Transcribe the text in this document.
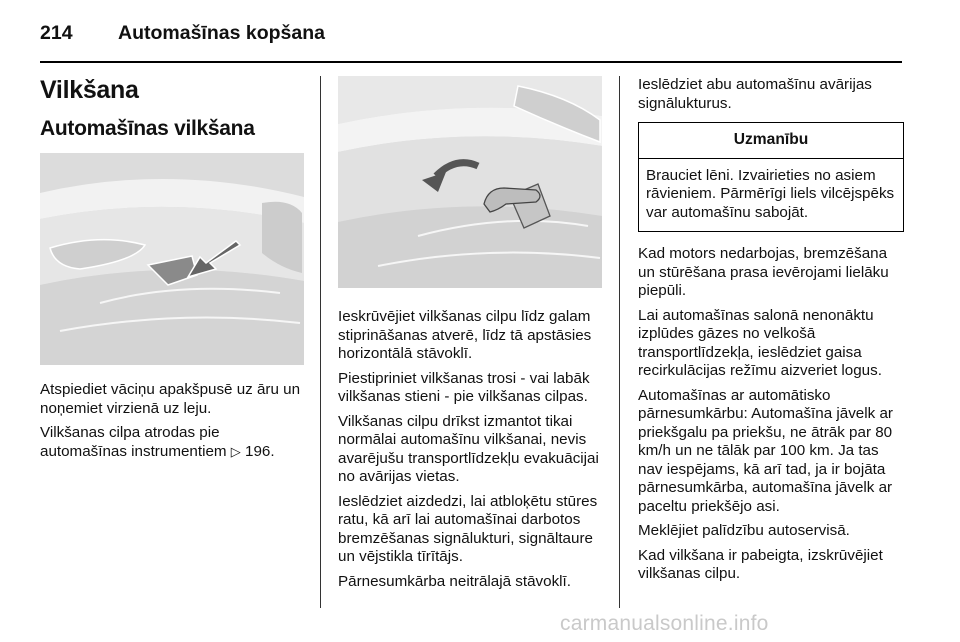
214 Automašīnas kopšana
Vilkšana
Automašīnas vilkšana

Atspiediet vāciņu apakšpusē uz āru un noņemiet virzienā uz leju.

Vilkšanas cilpa atrodas pie automašīnas instrumentiem ▷ 196.

Ieskrūvējiet vilkšanas cilpu līdz galam stiprināšanas atverē, līdz tā apstāsies horizontālā stāvoklī.

Piestipriniet vilkšanas trosi - vai labāk vilkšanas stieni - pie vilkšanas cilpas.

Vilkšanas cilpu drīkst izmantot tikai normālai automašīnu vilkšanai, nevis avarējušu transportlīdzekļu evakuācijai no avārijas vietas.

Ieslēdziet aizdedzi, lai atbloķētu stūres ratu, kā arī lai automašīnai darbotos bremzēšanas signālukturi, signāltaure un vējstikla tīrītājs.

Pārnesumkārba neitrālajā stāvoklī.

Ieslēdziet abu automašīnu avārijas signālukturus.

Uzmanību
Brauciet lēni. Izvairieties no asiem rāvieniem. Pārmērīgi liels vilcējspēks var automašīnu sabojāt.

Kad motors nedarbojas, bremzēšana un stūrēšana prasa ievērojami lielāku piepūli.

Lai automašīnas salonā nenonāktu izplūdes gāzes no velkošā transportlīdzekļa, ieslēdziet gaisa recirkulācijas režīmu aizveriet logus.

Automašīnas ar automātisko pārnesumkārbu: Automašīna jāvelk ar priekšgalu pa priekšu, ne ātrāk par 80 km/h un ne tālāk par 100 km. Ja tas nav iespējams, kā arī tad, ja ir bojāta pārnesumkārba, automašīna jāvelk ar paceltu priekšējo asi.

Meklējiet palīdzību autoservisā.

Kad vilkšana ir pabeigta, izskrūvējiet vilkšanas cilpu.

carmanualsonline.info
